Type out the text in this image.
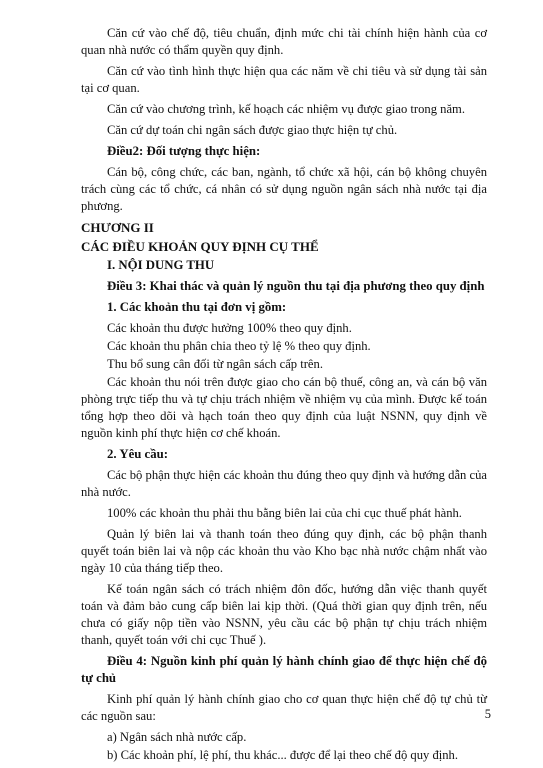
Căn cứ vào chế độ, tiêu chuẩn, định mức chi tài chính hiện hành của cơ quan nhà nước có thẩm quyền quy định.

Căn cứ vào tình hình thực hiện qua các năm về chi tiêu và sử dụng tài sản tại cơ quan.

Căn cứ vào chương trình, kế hoạch các nhiệm vụ được giao trong năm.

Căn cứ dự toán chi ngân sách được giao thực hiện tự chủ.

Điều2: Đối tượng thực hiện:

Cán bộ, công chức, các ban, ngành, tổ chức xã hội, cán bộ không chuyên trách cùng các tổ chức, cá nhân có sử dụng nguồn ngân sách nhà nước tại địa phương.

CHƯƠNG II
CÁC ĐIỀU KHOẢN QUY ĐỊNH CỤ THỂ
I. NỘI DUNG THU
Điều 3: Khai thác và quản lý nguồn thu tại địa phương theo quy định
1. Các khoản thu tại đơn vị gồm:
Các khoản thu được hưởng 100% theo quy định.
Các khoản thu phân chia theo tỷ lệ % theo quy định.
Thu bổ sung cân đối từ ngân sách cấp trên.

Các khoản thu nói trên được giao cho cán bộ thuế, công an, và cán bộ văn phòng trực tiếp thu và tự chịu trách nhiệm về nhiệm vụ của mình. Được kế toán tổng hợp theo dõi và hạch toán theo quy định của luật NSNN, quy định về nguồn kinh phí thực hiện cơ chế khoán.

2. Yêu cầu:

Các bộ phận thực hiện các khoản thu đúng theo quy định và hướng dẫn của nhà nước.

100% các khoản thu phải thu bằng biên lai của chi cục thuế phát hành.

Quản lý biên lai và thanh toán theo đúng quy định, các bộ phận thanh quyết toán biên lai và nộp các khoản thu vào Kho bạc nhà nước chậm nhất vào ngày 10 của tháng tiếp theo.

Kế toán ngân sách có trách nhiệm đôn đốc, hướng dẫn việc thanh quyết toán và đảm bảo cung cấp biên lai kịp thời. (Quá thời gian quy định trên, nếu chưa có giấy nộp tiền vào NSNN, yêu cầu các bộ phận tự chịu trách nhiệm thanh, quyết toán với chi cục Thuế ).

Điều 4: Nguồn kinh phí quản lý hành chính giao để thực hiện chế độ tự chủ

Kinh phí quản lý hành chính giao cho cơ quan thực hiện chế độ tự chủ từ các nguồn sau:

a) Ngân sách nhà nước cấp.
b) Các khoản phí, lệ phí, thu khác... được để lại theo chế độ quy định.
5
